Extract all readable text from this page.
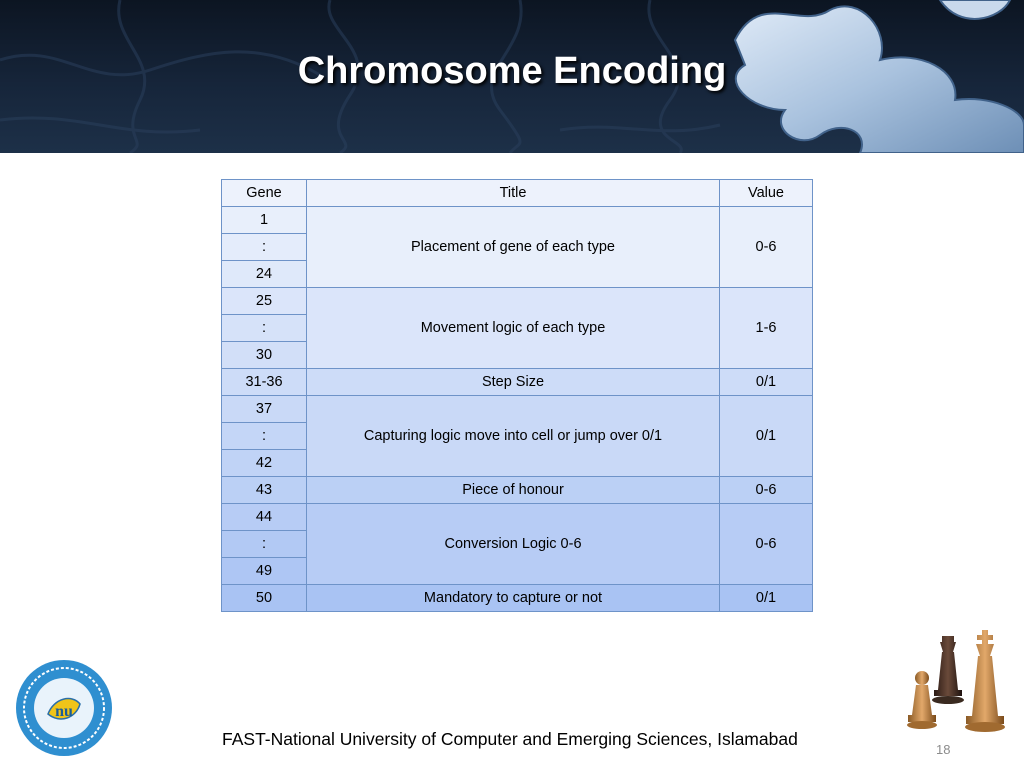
Chromosome Encoding
Gene	Title	Value
1	Placement of gene of each type	0-6
:		
24		
25	Movement logic of each type	1-6
:		
30		
31-36	Step Size	0/1
37	Capturing logic move into cell or jump over 0/1	0/1
:		
42		
43	Piece of honour	0-6
44	Conversion Logic 0-6	0-6
:		
49		
50	Mandatory to capture or not	0/1
nu
FAST-National University of Computer and Emerging Sciences, Islamabad
18
